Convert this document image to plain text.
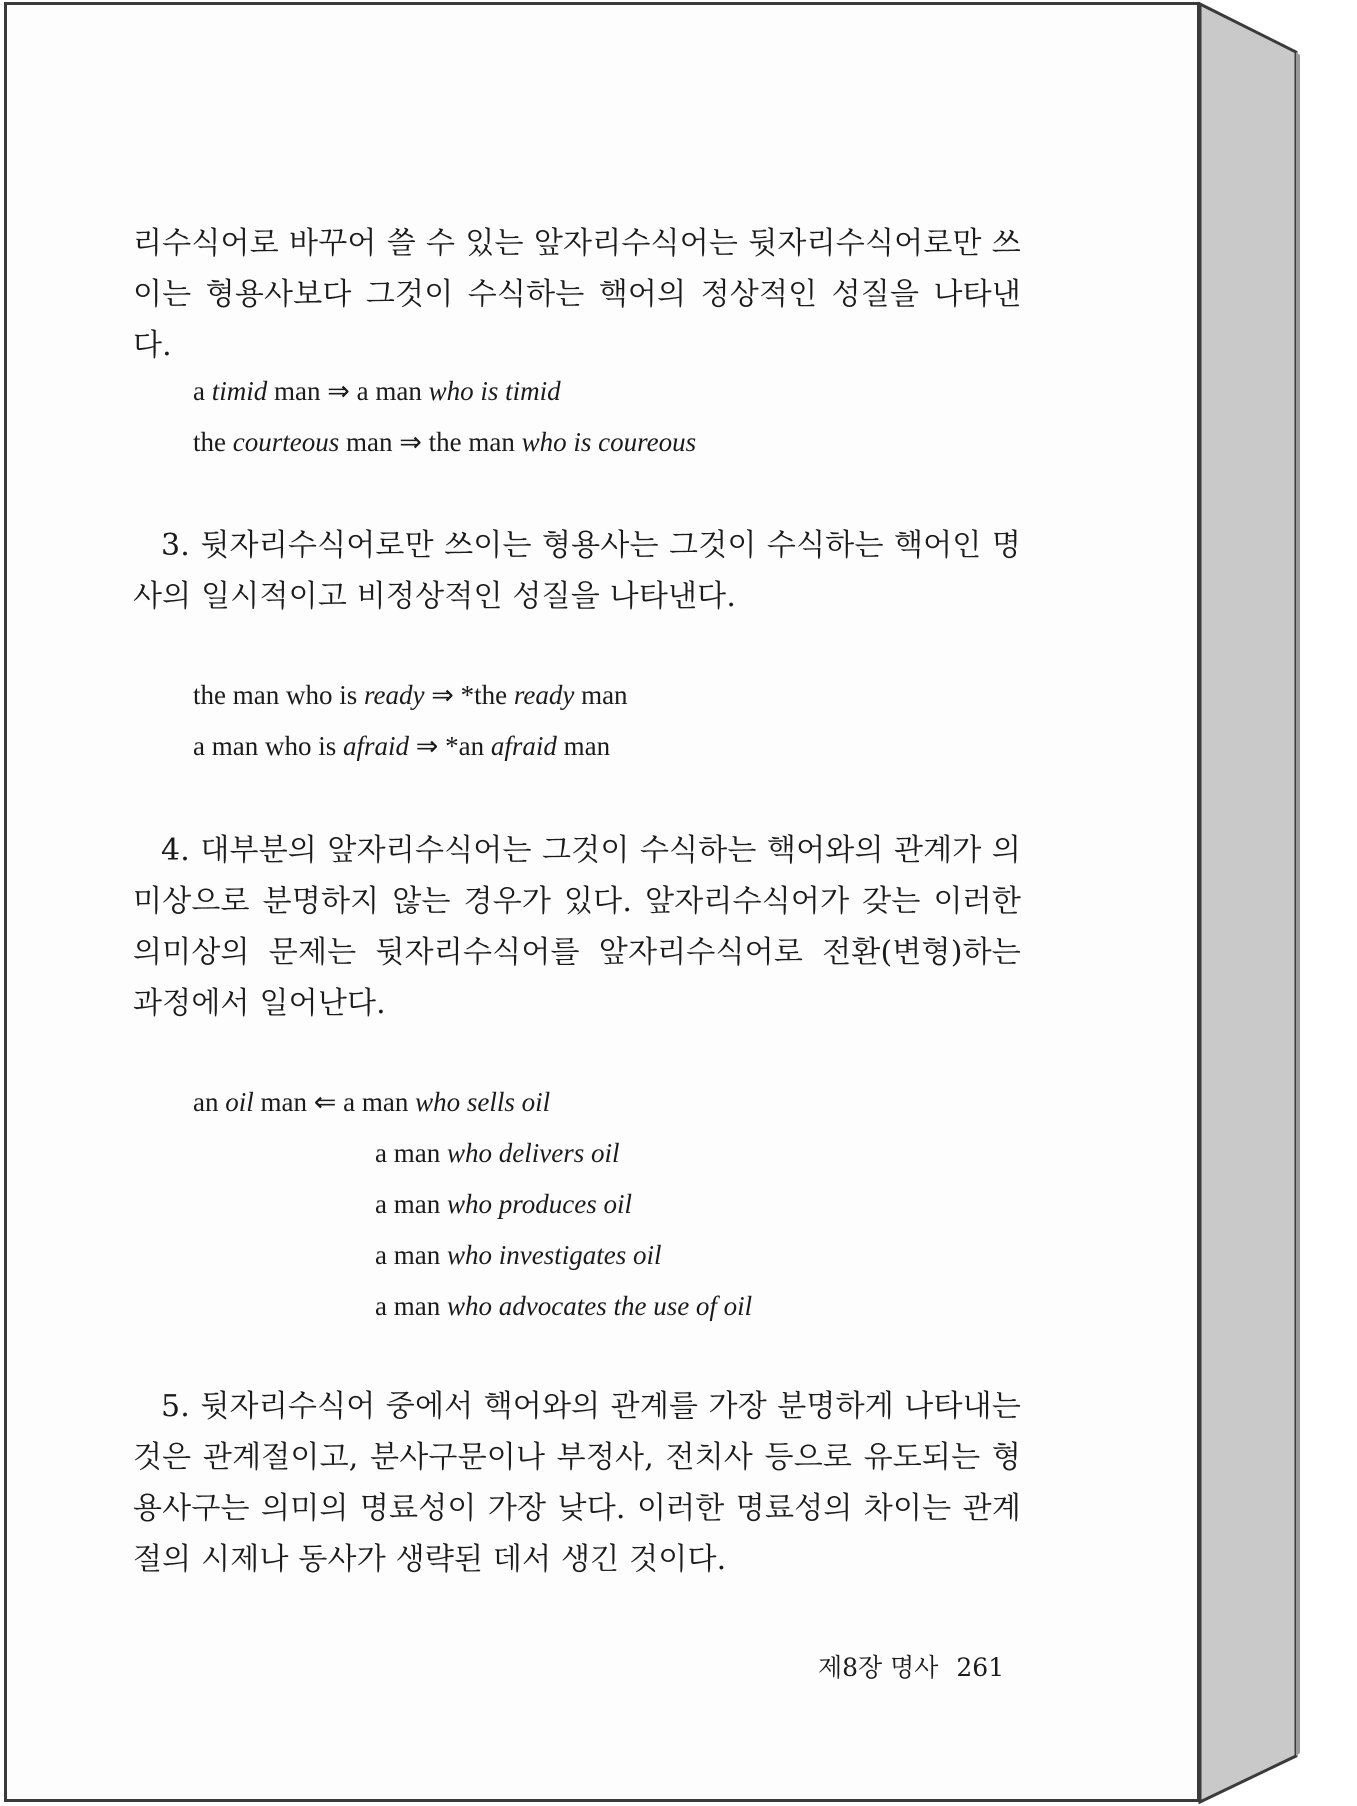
리수식어로 바꾸어 쓸 수 있는 앞자리수식어는 뒷자리수식어로만 쓰이는 형용사보다 그것이 수식하는 핵어의 정상적인 성질을 나타낸다.

a timid man ⇒ a man who is timid
the courteous man ⇒ the man who is coureous

3. 뒷자리수식어로만 쓰이는 형용사는 그것이 수식하는 핵어인 명사의 일시적이고 비정상적인 성질을 나타낸다.

the man who is ready ⇒ *the ready man
a man who is afraid ⇒ *an afraid man

4. 대부분의 앞자리수식어는 그것이 수식하는 핵어와의 관계가 의미상으로 분명하지 않는 경우가 있다. 앞자리수식어가 갖는 이러한 의미상의 문제는 뒷자리수식어를 앞자리수식어로 전환(변형)하는 과정에서 일어난다.

an oil man ⇐ a man who sells oil
a man who delivers oil
a man who produces oil
a man who investigates oil
a man who advocates the use of oil

5. 뒷자리수식어 중에서 핵어와의 관계를 가장 분명하게 나타내는 것은 관계절이고, 분사구문이나 부정사, 전치사 등으로 유도되는 형용사구는 의미의 명료성이 가장 낮다. 이러한 명료성의 차이는 관계절의 시제나 동사가 생략된 데서 생긴 것이다.

제8장 명사 261
